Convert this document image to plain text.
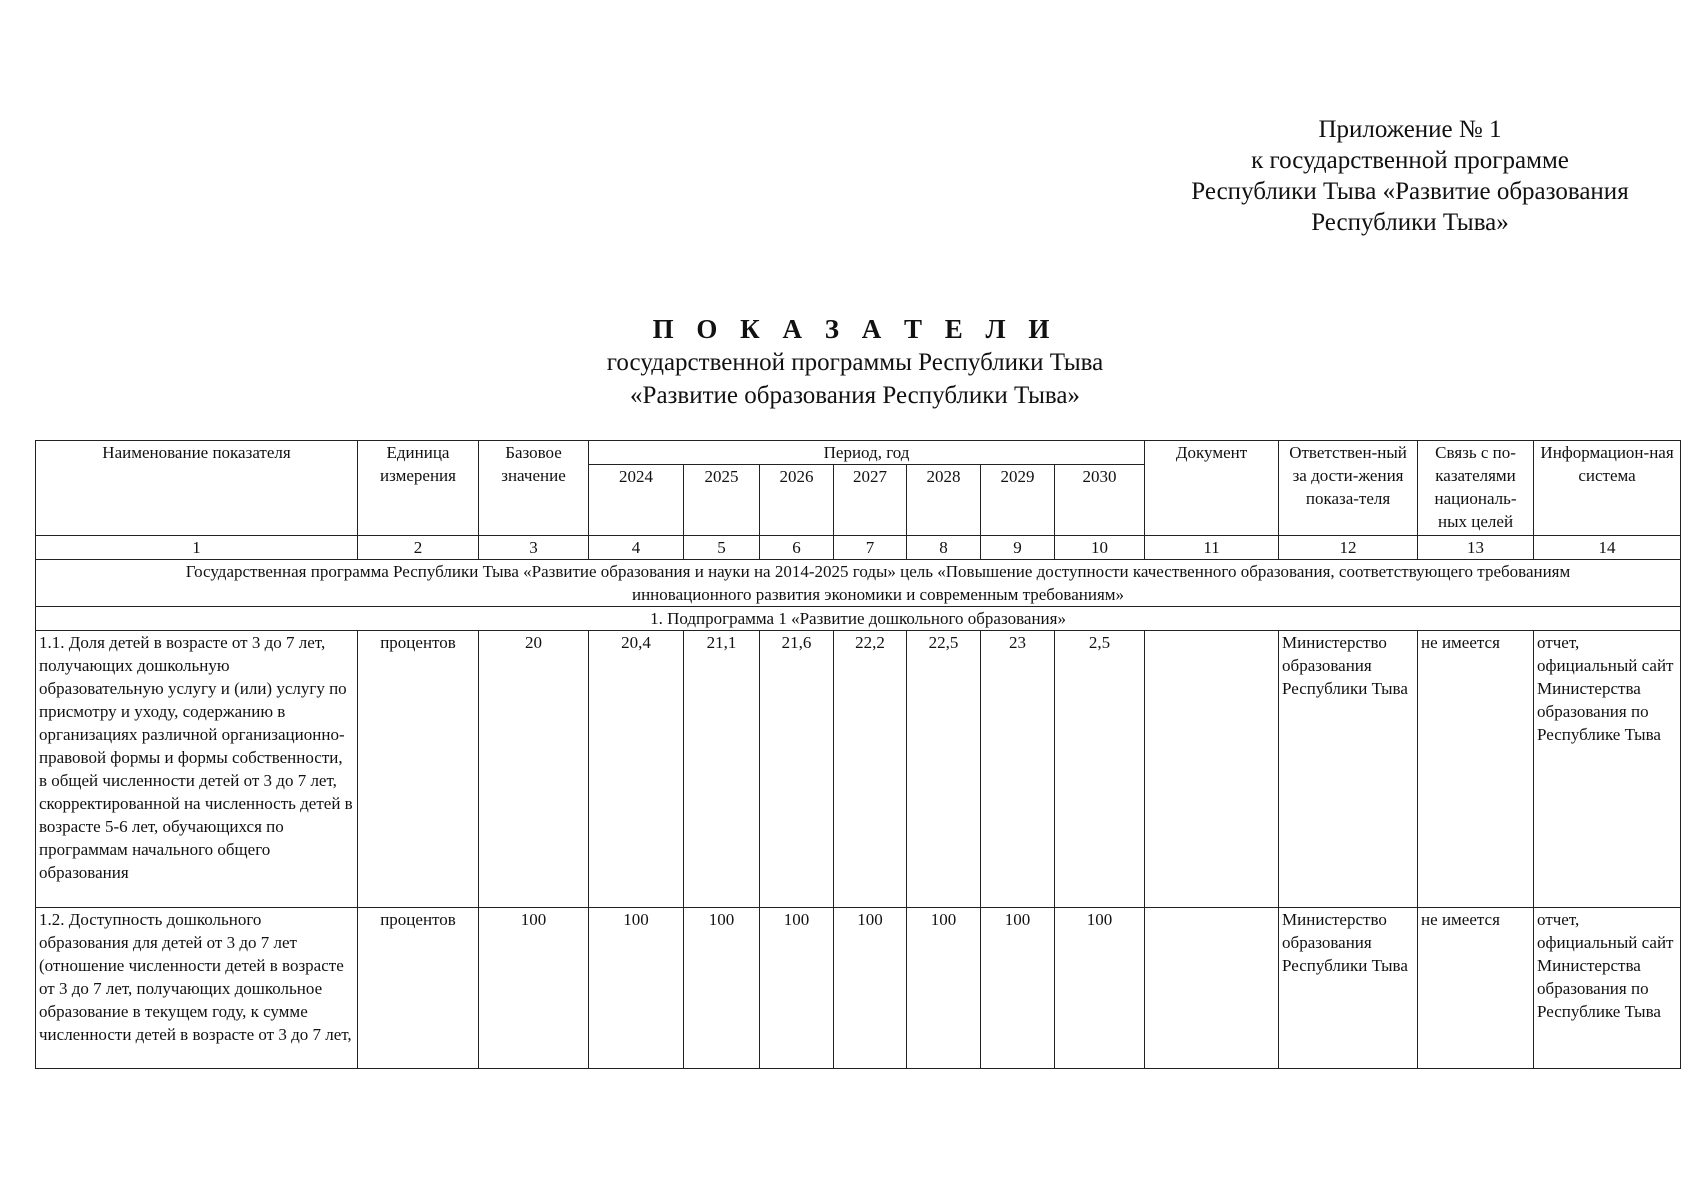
Приложение № 1
к государственной программе
Республики Тыва «Развитие образования
Республики Тыва»
П О К А З А Т Е Л И
государственной программы Республики Тыва
«Развитие образования Республики Тыва»
Наименование показателя	Единица измерения	Базовое значение	Период, год							Документ	Ответствен-ный за дости-жения показа-теля	Связь с по-казателями националь-ных целей	Информацион-ная система
			2024	2025	2026	2027	2028	2029	2030				
1	2	3	4	5	6	7	8	9	10	11	12	13	14
Государственная программа Республики Тыва «Развитие образования и науки на 2014-2025 годы» цель «Повышение доступности качественного образования, соответствующего требованиям инновационного развития экономики и современным требованиям»													
1. Подпрограмма 1 «Развитие дошкольного образования»													
1.1. Доля детей в возрасте от 3 до 7 лет, получающих дошкольную образовательную услугу и (или) услугу по присмотру и уходу, содержанию в организациях различной организационно-правовой формы и формы собственности, в общей численности детей от 3 до 7 лет, скорректированной на численность детей в возрасте 5-6 лет, обучающихся по программам начального общего образования	процентов	20	20,4	21,1	21,6	22,2	22,5	23	2,5		Министерство образования Республики Тыва	не имеется	отчет, официальный сайт Министерства образования по Республике Тыва
1.2. Доступность дошкольного образования для детей от 3 до 7 лет (отношение численности детей в возрасте от 3 до 7 лет, получающих дошкольное образование в текущем году, к сумме численности детей в возрасте от 3 до 7 лет,	процентов	100	100	100	100	100	100	100	100		Министерство образования Республики Тыва	не имеется	отчет, официальный сайт Министерства образования по Республике Тыва
